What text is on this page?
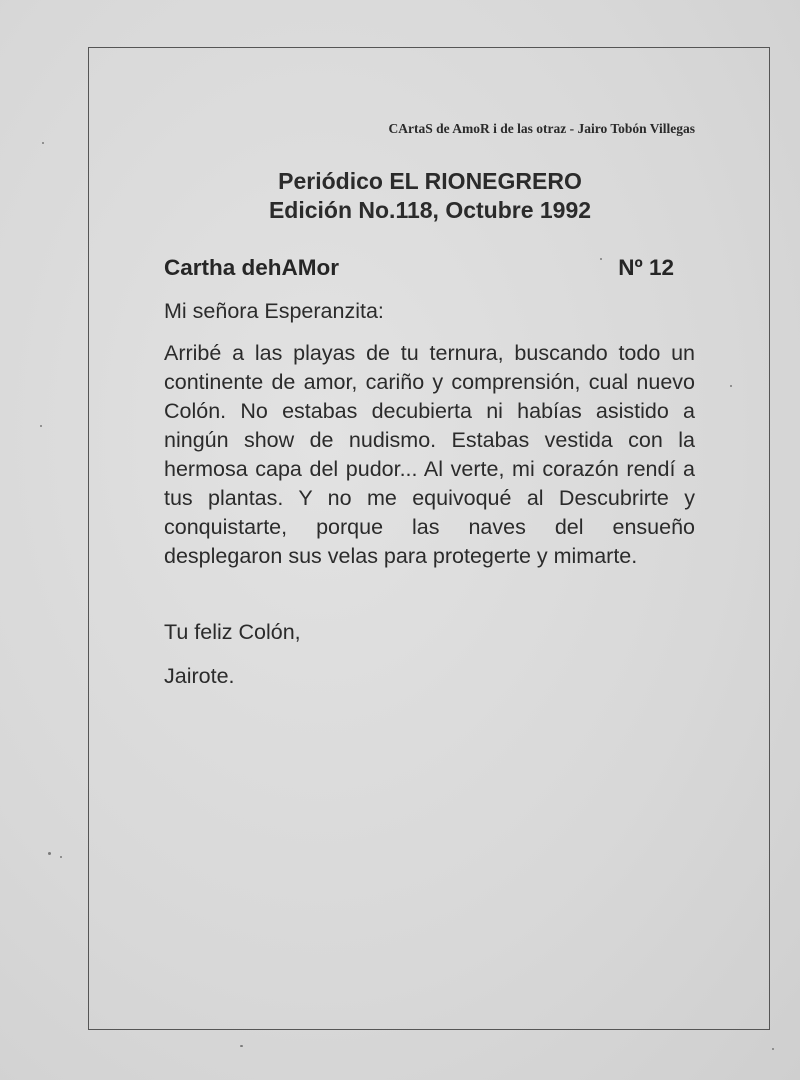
CArtaS de AmoR i de las otraz - Jairo Tobón Villegas
Periódico EL RIONEGRERO
Edición No.118, Octubre 1992
Cartha dehAMor	Nº 12
Mi señora Esperanzita:
Arribé a las playas de tu ternura, buscando todo un continente de amor, cariño y comprensión, cual nuevo Colón. No estabas decubierta ni habías asistido a ningún show de nudismo. Estabas vestida con la hermosa capa del pudor... Al verte, mi corazón rendí a tus plantas. Y no me equivoqué al Descubrirte y conquistarte, porque las naves del ensueño desplegaron sus velas para protegerte y mimarte.
Tu feliz Colón,
Jairote.
